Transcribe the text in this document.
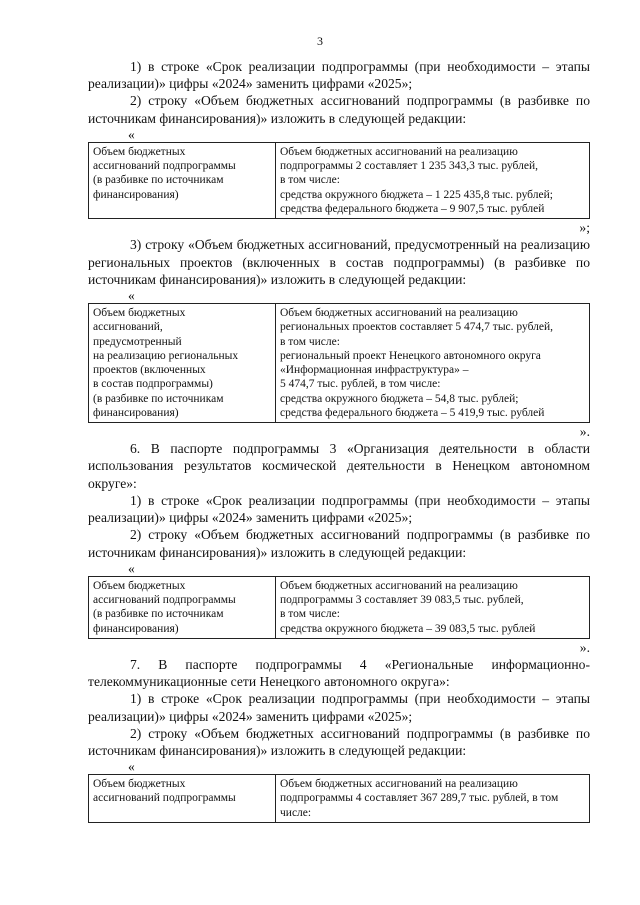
3

1) в строке «Срок реализации подпрограммы (при необходимости – этапы реализации)» цифры «2024» заменить цифрами «2025»;

2) строку «Объем бюджетных ассигнований подпрограммы (в разбивке по источникам финансирования)» изложить в следующей редакции:

«
Объем бюджетных
ассигнований подпрограммы
(в разбивке по источникам
финансирования)

Объем бюджетных ассигнований на реализацию
подпрограммы 2 составляет 1 235 343,3 тыс. рублей,
в том числе:
средства окружного бюджета – 1 225 435,8 тыс. рублей;
средства федерального бюджета – 9 907,5 тыс. рублей
»;

3) строку «Объем бюджетных ассигнований, предусмотренный на реализацию региональных проектов (включенных в состав подпрограммы) (в разбивке по источникам финансирования)» изложить в следующей редакции:

«
Объем бюджетных
ассигнований,
предусмотренный
на реализацию региональных
проектов (включенных
в состав подпрограммы)
(в разбивке по источникам
финансирования)

Объем бюджетных ассигнований на реализацию
региональных проектов составляет 5 474,7 тыс. рублей,
в том числе:
региональный проект Ненецкого автономного округа
«Информационная инфраструктура» –
5 474,7 тыс. рублей, в том числе:
средства окружного бюджета – 54,8 тыс. рублей;
средства федерального бюджета – 5 419,9 тыс. рублей
».

6. В паспорте подпрограммы 3 «Организация деятельности в области использования результатов космической деятельности в Ненецком автономном округе»:

1) в строке «Срок реализации подпрограммы (при необходимости – этапы реализации)» цифры «2024» заменить цифрами «2025»;

2) строку «Объем бюджетных ассигнований подпрограммы (в разбивке по источникам финансирования)» изложить в следующей редакции:

«
Объем бюджетных
ассигнований подпрограммы
(в разбивке по источникам
финансирования)

Объем бюджетных ассигнований на реализацию
подпрограммы 3 составляет 39 083,5 тыс. рублей,
в том числе:
средства окружного бюджета – 39 083,5 тыс. рублей
».

7. В паспорте подпрограммы 4 «Региональные информационно-телекоммуникационные сети Ненецкого автономного округа»:

1) в строке «Срок реализации подпрограммы (при необходимости – этапы реализации)» цифры «2024» заменить цифрами «2025»;

2) строку «Объем бюджетных ассигнований подпрограммы (в разбивке по источникам финансирования)» изложить в следующей редакции:

«
Объем бюджетных
ассигнований подпрограммы

Объем бюджетных ассигнований на реализацию
подпрограммы 4 составляет 367 289,7 тыс. рублей, в том
числе:
